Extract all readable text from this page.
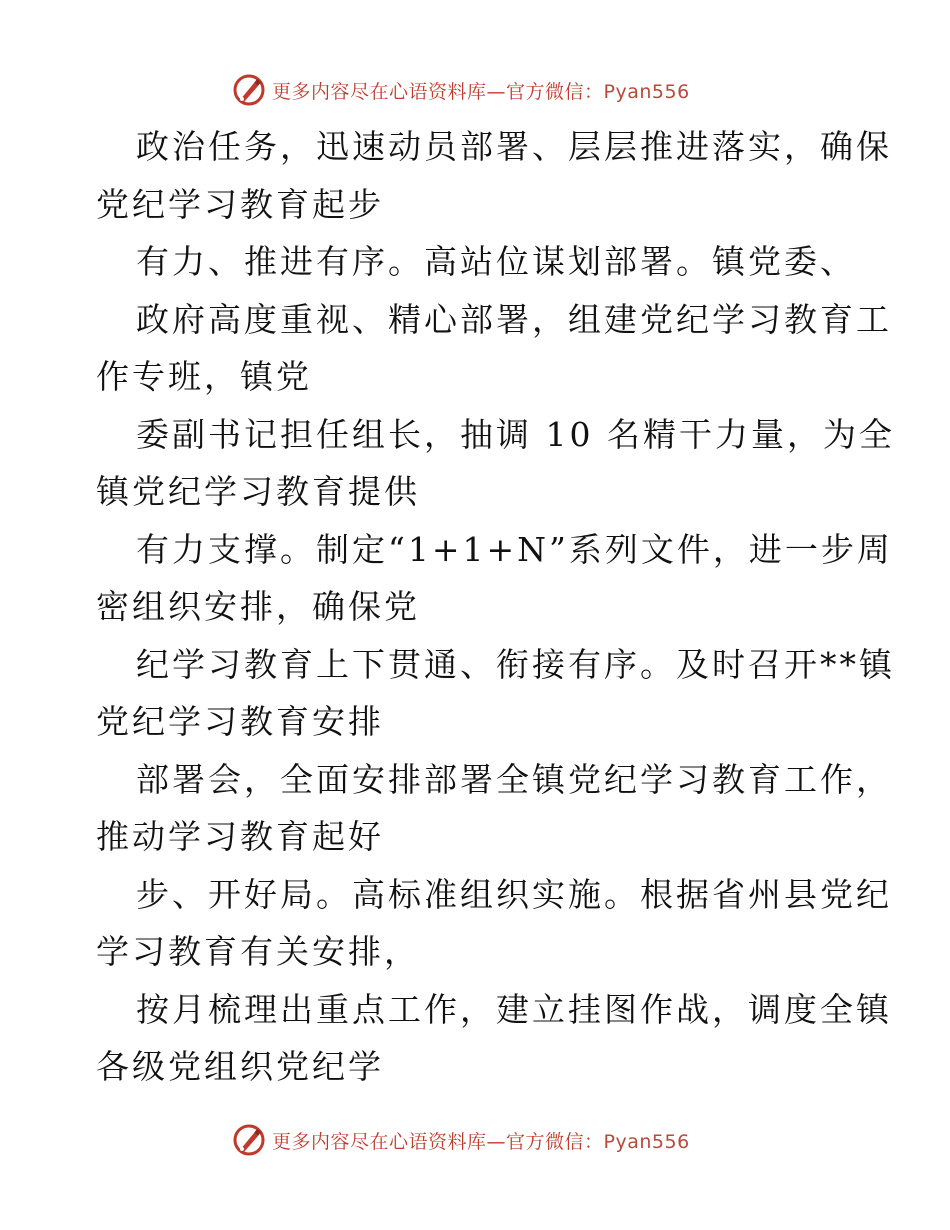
更多内容尽在心语资料库—官方微信：Pyan556
政治任务，迅速动员部署、层层推进落实，确保
党纪学习教育起步
有力、推进有序。高站位谋划部署。镇党委、
政府高度重视、精心部署，组建党纪学习教育工
作专班，镇党
委副书记担任组长，抽调 10 名精干力量，为全
镇党纪学习教育提供
有力支撑。制定“1+1+N”系列文件，进一步周
密组织安排，确保党
纪学习教育上下贯通、衔接有序。及时召开**镇
党纪学习教育安排
部署会，全面安排部署全镇党纪学习教育工作，
推动学习教育起好
步、开好局。高标准组织实施。根据省州县党纪
学习教育有关安排，
按月梳理出重点工作，建立挂图作战，调度全镇
各级党组织党纪学
更多内容尽在心语资料库—官方微信：Pyan556
